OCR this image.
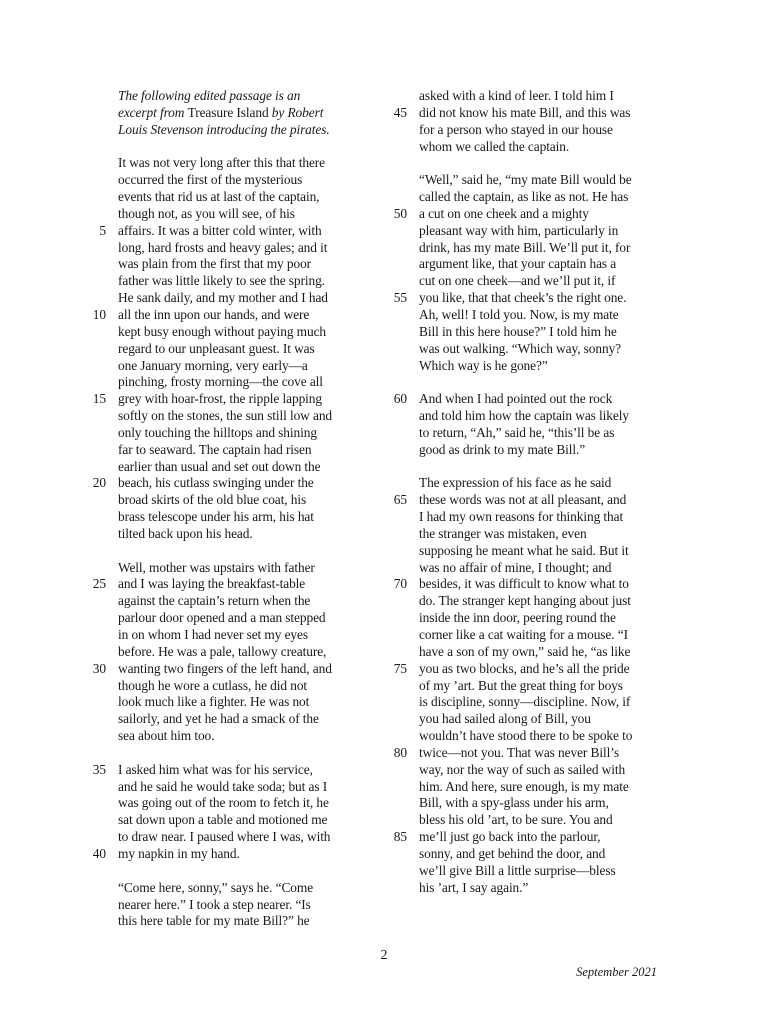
The following edited passage is an
excerpt from Treasure Island by Robert
Louis Stevenson introducing the pirates.
It was not very long after this that there
occurred the first of the mysterious
events that rid us at last of the captain,
though not, as you will see, of his
5 affairs. It was a bitter cold winter, with
long, hard frosts and heavy gales; and it
was plain from the first that my poor
father was little likely to see the spring.
He sank daily, and my mother and I had
10 all the inn upon our hands, and were
kept busy enough without paying much
regard to our unpleasant guest. It was
one January morning, very early—a
pinching, frosty morning—the cove all
15 grey with hoar-frost, the ripple lapping
softly on the stones, the sun still low and
only touching the hilltops and shining
far to seaward. The captain had risen
earlier than usual and set out down the
20 beach, his cutlass swinging under the
broad skirts of the old blue coat, his
brass telescope under his arm, his hat
tilted back upon his head.
Well, mother was upstairs with father
25 and I was laying the breakfast-table
against the captain’s return when the
parlour door opened and a man stepped
in on whom I had never set my eyes
before. He was a pale, tallowy creature,
30 wanting two fingers of the left hand, and
though he wore a cutlass, he did not
look much like a fighter. He was not
sailorly, and yet he had a smack of the
sea about him too.
35 I asked him what was for his service,
and he said he would take soda; but as I
was going out of the room to fetch it, he
sat down upon a table and motioned me
to draw near. I paused where I was, with
40 my napkin in my hand.
“Come here, sonny,” says he. “Come
nearer here.” I took a step nearer. “Is
this here table for my mate Bill?” he
asked with a kind of leer. I told him I
45 did not know his mate Bill, and this was
for a person who stayed in our house
whom we called the captain.
“Well,” said he, “my mate Bill would be
called the captain, as like as not. He has
50 a cut on one cheek and a mighty
pleasant way with him, particularly in
drink, has my mate Bill. We’ll put it, for
argument like, that your captain has a
cut on one cheek—and we’ll put it, if
55 you like, that that cheek’s the right one.
Ah, well! I told you. Now, is my mate
Bill in this here house?” I told him he
was out walking. “Which way, sonny?
Which way is he gone?”
60 And when I had pointed out the rock
and told him how the captain was likely
to return, “Ah,” said he, “this’ll be as
good as drink to my mate Bill.”
The expression of his face as he said
65 these words was not at all pleasant, and
I had my own reasons for thinking that
the stranger was mistaken, even
supposing he meant what he said. But it
was no affair of mine, I thought; and
70 besides, it was difficult to know what to
do. The stranger kept hanging about just
inside the inn door, peering round the
corner like a cat waiting for a mouse. “I
have a son of my own,” said he, “as like
75 you as two blocks, and he’s all the pride
of my ’art. But the great thing for boys
is discipline, sonny—discipline. Now, if
you had sailed along of Bill, you
wouldn’t have stood there to be spoke to
80 twice—not you. That was never Bill’s
way, nor the way of such as sailed with
him. And here, sure enough, is my mate
Bill, with a spy-glass under his arm,
bless his old ’art, to be sure. You and
85 me’ll just go back into the parlour,
sonny, and get behind the door, and
we’ll give Bill a little surprise—bless
his ’art, I say again.”
2
September 2021
